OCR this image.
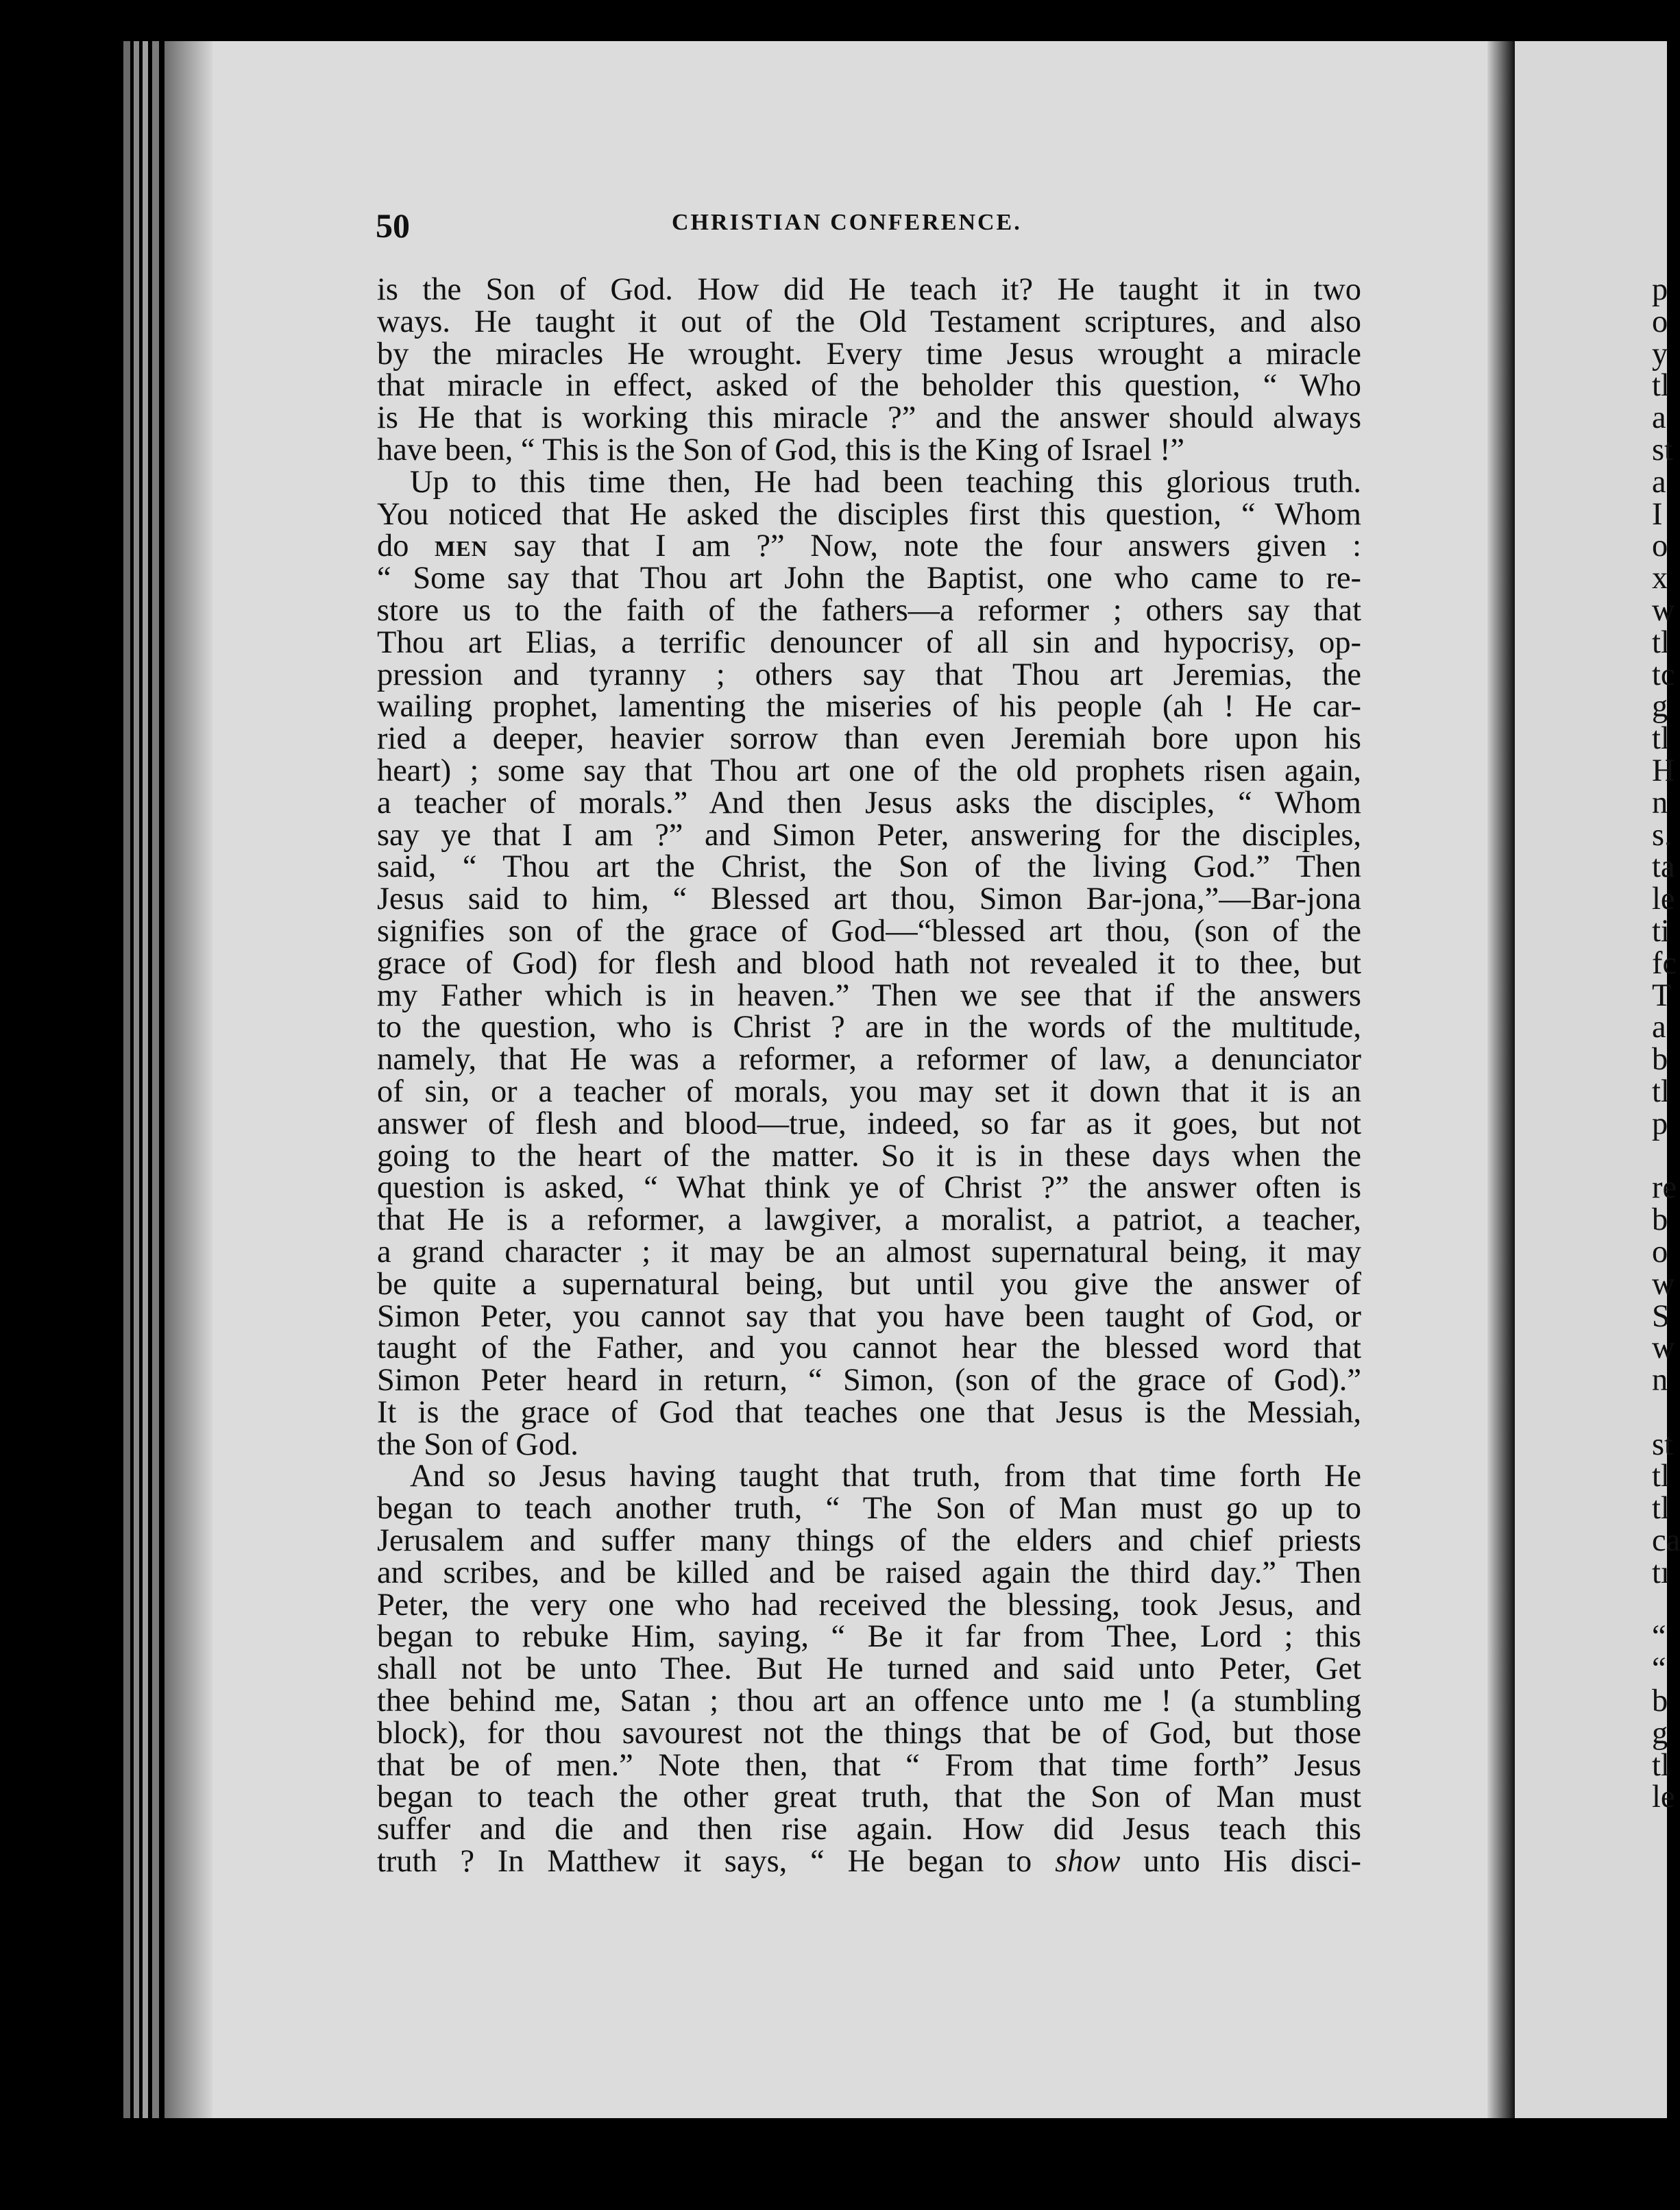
50	CHRISTIAN CONFERENCE.
is the Son of God. How did He teach it? He taught it in two
ways. He taught it out of the Old Testament scriptures, and also
by the miracles He wrought. Every time Jesus wrought a miracle
that miracle in effect, asked of the beholder this question, “ Who
is He that is working this miracle ?” and the answer should always
have been, “ This is the Son of God, this is the King of Israel !”
Up to this time then, He had been teaching this glorious truth.
You noticed that He asked the disciples first this question, “ Whom
do men say that I am ?” Now, note the four answers given :
“ Some say that Thou art John the Baptist, one who came to re-
store us to the faith of the fathers—a reformer ; others say that
Thou art Elias, a terrific denouncer of all sin and hypocrisy, op-
pression and tyranny ; others say that Thou art Jeremias, the
wailing prophet, lamenting the miseries of his people (ah ! He car-
ried a deeper, heavier sorrow than even Jeremiah bore upon his
heart) ; some say that Thou art one of the old prophets risen again,
a teacher of morals.” And then Jesus asks the disciples, “ Whom
say ye that I am ?” and Simon Peter, answering for the disciples,
said, “ Thou art the Christ, the Son of the living God.” Then
Jesus said to him, “ Blessed art thou, Simon Bar-jona,”—Bar-jona
signifies son of the grace of God—“blessed art thou, (son of the
grace of God) for flesh and blood hath not revealed it to thee, but
my Father which is in heaven.” Then we see that if the answers
to the question, who is Christ ? are in the words of the multitude,
namely, that He was a reformer, a reformer of law, a denunciator
of sin, or a teacher of morals, you may set it down that it is an
answer of flesh and blood—true, indeed, so far as it goes, but not
going to the heart of the matter. So it is in these days when the
question is asked, “ What think ye of Christ ?” the answer often is
that He is a reformer, a lawgiver, a moralist, a patriot, a teacher,
a grand character ; it may be an almost supernatural being, it may
be quite a supernatural being, but until you give the answer of
Simon Peter, you cannot say that you have been taught of God, or
taught of the Father, and you cannot hear the blessed word that
Simon Peter heard in return, “ Simon, (son of the grace of God).”
It is the grace of God that teaches one that Jesus is the Messiah,
the Son of God.
And so Jesus having taught that truth, from that time forth He
began to teach another truth, “ The Son of Man must go up to
Jerusalem and suffer many things of the elders and chief priests
and scribes, and be killed and be raised again the third day.” Then
Peter, the very one who had received the blessing, took Jesus, and
began to rebuke Him, saying, “ Be it far from Thee, Lord ; this
shall not be unto Thee. But He turned and said unto Peter, Get
thee behind me, Satan ; thou art an offence unto me ! (a stumbling
block), for thou savourest not the things that be of God, but those
that be of men.” Note then, that “ From that time forth” Jesus
began to teach the other great truth, that the Son of Man must
suffer and die and then rise again. How did Jesus teach this
truth ? In Matthew it says, “ He began to show unto His disci-
p
o
y
tl
a
st
a
I
o
x
w
tl
tc
g
tl
H
n
s.
ta
le
ti
fc
T
a
b
tl
p
re
b
o
w
S
w
n
st
tl
tl
ca
tı
“
“
b
g
tl
le
